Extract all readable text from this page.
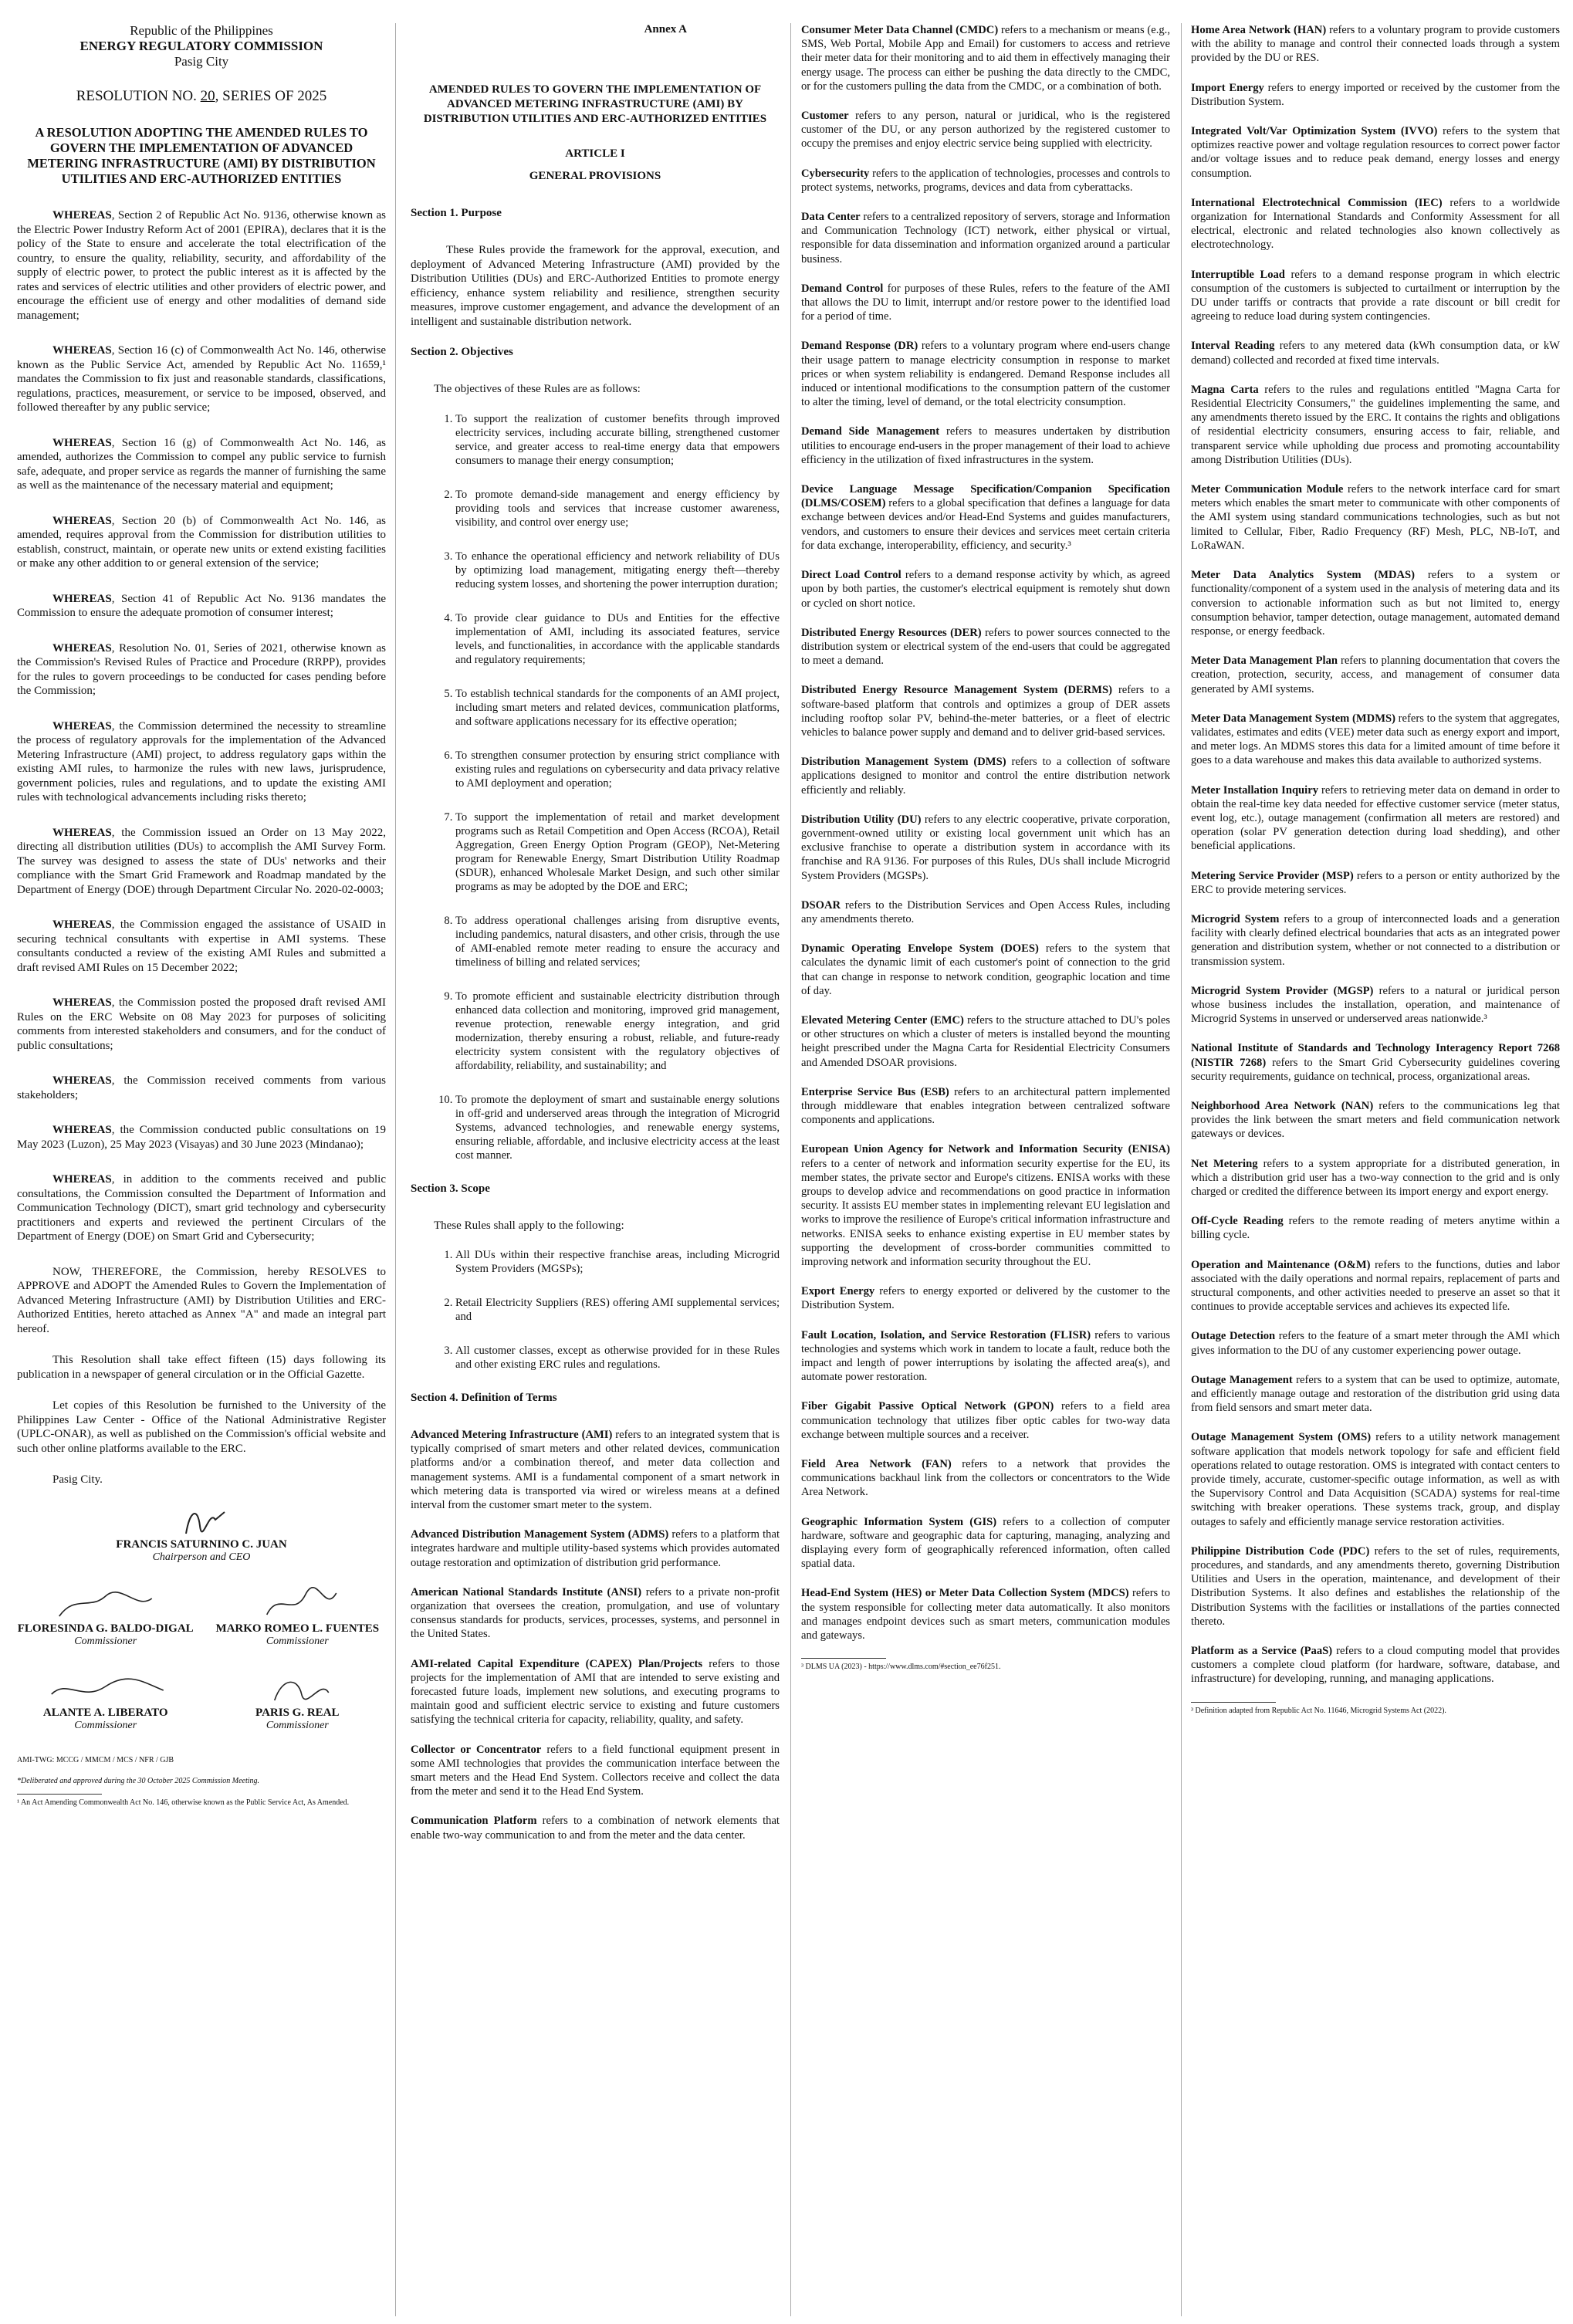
Republic of the Philippines

ENERGY REGULATORY COMMISSION

Pasig City

RESOLUTION NO. 20, SERIES OF 2025

A RESOLUTION ADOPTING THE AMENDED RULES TO GOVERN THE IMPLEMENTATION OF ADVANCED METERING INFRASTRUCTURE (AMI) BY DISTRIBUTION UTILITIES AND ERC-AUTHORIZED ENTITIES

WHEREAS, Section 2 of Republic Act No. 9136, otherwise known as the Electric Power Industry Reform Act of 2001 (EPIRA), declares that it is the policy of the State to ensure and accelerate the total electrification of the country, to ensure the quality, reliability, security, and affordability of the supply of electric power, to protect the public interest as it is affected by the rates and services of electric utilities and other providers of electric power, and encourage the efficient use of energy and other modalities of demand side management;

WHEREAS, Section 16 (c) of Commonwealth Act No. 146, otherwise known as the Public Service Act, amended by Republic Act No. 11659,¹ mandates the Commission to fix just and reasonable standards, classifications, regulations, practices, measurement, or service to be imposed, observed, and followed thereafter by any public service;

WHEREAS, Section 16 (g) of Commonwealth Act No. 146, as amended, authorizes the Commission to compel any public service to furnish safe, adequate, and proper service as regards the manner of furnishing the same as well as the maintenance of the necessary material and equipment;

WHEREAS, Section 20 (b) of Commonwealth Act No. 146, as amended, requires approval from the Commission for distribution utilities to establish, construct, maintain, or operate new units or extend existing facilities or make any other addition to or general extension of the service;

WHEREAS, Section 41 of Republic Act No. 9136 mandates the Commission to ensure the adequate promotion of consumer interest;

WHEREAS, Resolution No. 01, Series of 2021, otherwise known as the Commission's Revised Rules of Practice and Procedure (RRPP), provides for the rules to govern proceedings to be conducted for cases pending before the Commission;

WHEREAS, the Commission determined the necessity to streamline the process of regulatory approvals for the implementation of the Advanced Metering Infrastructure (AMI) project, to address regulatory gaps within the existing AMI rules, to harmonize the rules with new laws, jurisprudence, government policies, rules and regulations, and to update the existing AMI rules with technological advancements including risks thereto;

WHEREAS, the Commission issued an Order on 13 May 2022, directing all distribution utilities (DUs) to accomplish the AMI Survey Form. The survey was designed to assess the state of DUs' networks and their compliance with the Smart Grid Framework and Roadmap mandated by the Department of Energy (DOE) through Department Circular No. 2020-02-0003;

WHEREAS, the Commission engaged the assistance of USAID in securing technical consultants with expertise in AMI systems. These consultants conducted a review of the existing AMI Rules and submitted a draft revised AMI Rules on 15 December 2022;

WHEREAS, the Commission posted the proposed draft revised AMI Rules on the ERC Website on 08 May 2023 for purposes of soliciting comments from interested stakeholders and consumers, and for the conduct of public consultations;

WHEREAS, the Commission received comments from various stakeholders;

WHEREAS, the Commission conducted public consultations on 19 May 2023 (Luzon), 25 May 2023 (Visayas) and 30 June 2023 (Mindanao);

WHEREAS, in addition to the comments received and public consultations, the Commission consulted the Department of Information and Communication Technology (DICT), smart grid technology and cybersecurity practitioners and experts and reviewed the pertinent Circulars of the Department of Energy (DOE) on Smart Grid and Cybersecurity;

NOW, THEREFORE, the Commission, hereby RESOLVES to APPROVE and ADOPT the Amended Rules to Govern the Implementation of Advanced Metering Infrastructure (AMI) by Distribution Utilities and ERC-Authorized Entities, hereto attached as Annex "A" and made an integral part hereof.

This Resolution shall take effect fifteen (15) days following its publication in a newspaper of general circulation or in the Official Gazette.

Let copies of this Resolution be furnished to the University of the Philippines Law Center - Office of the National Administrative Register (UPLC-ONAR), as well as published on the Commission's official website and such other online platforms available to the ERC.

Pasig City.

FRANCIS SATURNINO C. JUAN

Chairperson and CEO

FLORESINDA G. BALDO-DIGAL

Commissioner

MARKO ROMEO L. FUENTES

Commissioner

ALANTE A. LIBERATO

Commissioner

PARIS G. REAL

Commissioner

AMI-TWG: MCCG / MMCM / MCS / NFR / GJB

*Deliberated and approved during the 30 October 2025 Commission Meeting.

¹ An Act Amending Commonwealth Act No. 146, otherwise known as the Public Service Act, As Amended.

Annex A

AMENDED RULES TO GOVERN THE IMPLEMENTATION OF ADVANCED METERING INFRASTRUCTURE (AMI) BY DISTRIBUTION UTILITIES AND ERC-AUTHORIZED ENTITIES

ARTICLE I

GENERAL PROVISIONS

Section 1. Purpose

These Rules provide the framework for the approval, execution, and deployment of Advanced Metering Infrastructure (AMI) provided by the Distribution Utilities (DUs) and ERC-Authorized Entities to promote energy efficiency, enhance system reliability and resilience, strengthen security measures, improve customer engagement, and advance the development of an intelligent and sustainable distribution network.

Section 2. Objectives

The objectives of these Rules are as follows:

1. To support the realization of customer benefits through improved electricity services, including accurate billing, strengthened customer service, and greater access to real-time energy data that empowers consumers to manage their energy consumption;
2. To promote demand-side management and energy efficiency by providing tools and services that increase customer awareness, visibility, and control over energy use;
3. To enhance the operational efficiency and network reliability of DUs by optimizing load management, mitigating energy theft—thereby reducing system losses, and shortening the power interruption duration;
4. To provide clear guidance to DUs and Entities for the effective implementation of AMI, including its associated features, service levels, and functionalities, in accordance with the applicable standards and regulatory requirements;
5. To establish technical standards for the components of an AMI project, including smart meters and related devices, communication platforms, and software applications necessary for its effective operation;
6. To strengthen consumer protection by ensuring strict compliance with existing rules and regulations on cybersecurity and data privacy relative to AMI deployment and operation;
7. To support the implementation of retail and market development programs such as Retail Competition and Open Access (RCOA), Retail Aggregation, Green Energy Option Program (GEOP), Net-Metering program for Renewable Energy, Smart Distribution Utility Roadmap (SDUR), enhanced Wholesale Market Design, and such other similar programs as may be adopted by the DOE and ERC;
8. To address operational challenges arising from disruptive events, including pandemics, natural disasters, and other crisis, through the use of AMI-enabled remote meter reading to ensure the accuracy and timeliness of billing and related services;
9. To promote efficient and sustainable electricity distribution through enhanced data collection and monitoring, improved grid management, revenue protection, renewable energy integration, and grid modernization, thereby ensuring a robust, reliable, and future-ready electricity system consistent with the regulatory objectives of affordability, reliability, and sustainability; and
10. To promote the deployment of smart and sustainable energy solutions in off-grid and underserved areas through the integration of Microgrid Systems, advanced technologies, and renewable energy systems, ensuring reliable, affordable, and inclusive electricity access at the least cost manner.

Section 3. Scope

These Rules shall apply to the following:

1. All DUs within their respective franchise areas, including Microgrid System Providers (MGSPs);
2. Retail Electricity Suppliers (RES) offering AMI supplemental services; and
3. All customer classes, except as otherwise provided for in these Rules and other existing ERC rules and regulations.

Section 4. Definition of Terms

Advanced Metering Infrastructure (AMI) refers to an integrated system that is typically comprised of smart meters and other related devices, communication platforms and/or a combination thereof, and meter data collection and management systems. AMI is a fundamental component of a smart network in which metering data is transported via wired or wireless means at a defined interval from the customer smart meter to the system.

Advanced Distribution Management System (ADMS) refers to a platform that integrates hardware and multiple utility-based systems which provides automated outage restoration and optimization of distribution grid performance.

American National Standards Institute (ANSI) refers to a private non-profit organization that oversees the creation, promulgation, and use of voluntary consensus standards for products, services, processes, systems, and personnel in the United States.

AMI-related Capital Expenditure (CAPEX) Plan/Projects refers to those projects for the implementation of AMI that are intended to serve existing and forecasted future loads, implement new solutions, and executing programs to maintain good and sufficient electric service to existing and future customers satisfying the technical criteria for capacity, reliability, quality, and safety.

Collector or Concentrator refers to a field functional equipment present in some AMI technologies that provides the communication interface between the smart meters and the Head End System. Collectors receive and collect the data from the meter and send it to the Head End System.

Communication Platform refers to a combination of network elements that enable two-way communication to and from the meter and the data center.

Consumer Meter Data Channel (CMDC) refers to a mechanism or means (e.g., SMS, Web Portal, Mobile App and Email) for customers to access and retrieve their meter data for their monitoring and to aid them in effectively managing their energy usage. The process can either be pushing the data directly to the CMDC, or for the customers pulling the data from the CMDC, or a combination of both.

Customer refers to any person, natural or juridical, who is the registered customer of the DU, or any person authorized by the registered customer to occupy the premises and enjoy electric service being supplied with electricity.

Cybersecurity refers to the application of technologies, processes and controls to protect systems, networks, programs, devices and data from cyberattacks.

Data Center refers to a centralized repository of servers, storage and Information and Communication Technology (ICT) network, either physical or virtual, responsible for data dissemination and information organized around a particular business.

Demand Control for purposes of these Rules, refers to the feature of the AMI that allows the DU to limit, interrupt and/or restore power to the identified load for a period of time.

Demand Response (DR) refers to a voluntary program where end-users change their usage pattern to manage electricity consumption in response to market prices or when system reliability is endangered. Demand Response includes all induced or intentional modifications to the consumption pattern of the customer to alter the timing, level of demand, or the total electricity consumption.

Demand Side Management refers to measures undertaken by distribution utilities to encourage end-users in the proper management of their load to achieve efficiency in the utilization of fixed infrastructures in the system.

Device Language Message Specification/Companion Specification (DLMS/COSEM) refers to a global specification that defines a language for data exchange between devices and/or Head-End Systems and guides manufacturers, vendors, and customers to ensure their devices and services meet certain criteria for data exchange, interoperability, efficiency, and security.³

Direct Load Control refers to a demand response activity by which, as agreed upon by both parties, the customer's electrical equipment is remotely shut down or cycled on short notice.

Distributed Energy Resources (DER) refers to power sources connected to the distribution system or electrical system of the end-users that could be aggregated to meet a demand.

Distributed Energy Resource Management System (DERMS) refers to a software-based platform that controls and optimizes a group of DER assets including rooftop solar PV, behind-the-meter batteries, or a fleet of electric vehicles to balance power supply and demand and to deliver grid-based services.

Distribution Management System (DMS) refers to a collection of software applications designed to monitor and control the entire distribution network efficiently and reliably.

Distribution Utility (DU) refers to any electric cooperative, private corporation, government-owned utility or existing local government unit which has an exclusive franchise to operate a distribution system in accordance with its franchise and RA 9136. For purposes of this Rules, DUs shall include Microgrid System Providers (MGSPs).

DSOAR refers to the Distribution Services and Open Access Rules, including any amendments thereto.

Dynamic Operating Envelope System (DOES) refers to the system that calculates the dynamic limit of each customer's point of connection to the grid that can change in response to network condition, geographic location and time of day.

Elevated Metering Center (EMC) refers to the structure attached to DU's poles or other structures on which a cluster of meters is installed beyond the mounting height prescribed under the Magna Carta for Residential Electricity Consumers and Amended DSOAR provisions.

Enterprise Service Bus (ESB) refers to an architectural pattern implemented through middleware that enables integration between centralized software components and applications.

European Union Agency for Network and Information Security (ENISA) refers to a center of network and information security expertise for the EU, its member states, the private sector and Europe's citizens. ENISA works with these groups to develop advice and recommendations on good practice in information security. It assists EU member states in implementing relevant EU legislation and works to improve the resilience of Europe's critical information infrastructure and networks. ENISA seeks to enhance existing expertise in EU member states by supporting the development of cross-border communities committed to improving network and information security throughout the EU.

Export Energy refers to energy exported or delivered by the customer to the Distribution System.

Fault Location, Isolation, and Service Restoration (FLISR) refers to various technologies and systems which work in tandem to locate a fault, reduce both the impact and length of power interruptions by isolating the affected area(s), and automate power restoration.

Fiber Gigabit Passive Optical Network (GPON) refers to a field area communication technology that utilizes fiber optic cables for two-way data exchange between multiple sources and a receiver.

Field Area Network (FAN) refers to a network that provides the communications backhaul link from the collectors or concentrators to the Wide Area Network.

Geographic Information System (GIS) refers to a collection of computer hardware, software and geographic data for capturing, managing, analyzing and displaying every form of geographically referenced information, often called spatial data.

Head-End System (HES) or Meter Data Collection System (MDCS) refers to the system responsible for collecting meter data automatically. It also monitors and manages endpoint devices such as smart meters, communication modules and gateways.

³ DLMS UA (2023) - https://www.dlms.com/#section_ee76f251.

Home Area Network (HAN) refers to a voluntary program to provide customers with the ability to manage and control their connected loads through a system provided by the DU or RES.

Import Energy refers to energy imported or received by the customer from the Distribution System.

Integrated Volt/Var Optimization System (IVVO) refers to the system that optimizes reactive power and voltage regulation resources to correct power factor and/or voltage issues and to reduce peak demand, energy losses and energy consumption.

International Electrotechnical Commission (IEC) refers to a worldwide organization for International Standards and Conformity Assessment for all electrical, electronic and related technologies also known collectively as electrotechnology.

Interruptible Load refers to a demand response program in which electric consumption of the customers is subjected to curtailment or interruption by the DU under tariffs or contracts that provide a rate discount or bill credit for agreeing to reduce load during system contingencies.

Interval Reading refers to any metered data (kWh consumption data, or kW demand) collected and recorded at fixed time intervals.

Magna Carta refers to the rules and regulations entitled "Magna Carta for Residential Electricity Consumers," the guidelines implementing the same, and any amendments thereto issued by the ERC. It contains the rights and obligations of residential electricity consumers, ensuring access to fair, reliable, and transparent service while upholding due process and promoting accountability among Distribution Utilities (DUs).

Meter Communication Module refers to the network interface card for smart meters which enables the smart meter to communicate with other components of the AMI system using standard communications technologies, such as but not limited to Cellular, Fiber, Radio Frequency (RF) Mesh, PLC, NB-IoT, and LoRaWAN.

Meter Data Analytics System (MDAS) refers to a system or functionality/component of a system used in the analysis of metering data and its conversion to actionable information such as but not limited to, energy consumption behavior, tamper detection, outage management, automated demand response, or energy feedback.

Meter Data Management Plan refers to planning documentation that covers the creation, protection, security, access, and management of consumer data generated by AMI systems.

Meter Data Management System (MDMS) refers to the system that aggregates, validates, estimates and edits (VEE) meter data such as energy export and import, and meter logs. An MDMS stores this data for a limited amount of time before it goes to a data warehouse and makes this data available to authorized systems.

Meter Installation Inquiry refers to retrieving meter data on demand in order to obtain the real-time key data needed for effective customer service (meter status, event log, etc.), outage management (confirmation all meters are restored) and operation (solar PV generation detection during load shedding), and other beneficial applications.

Metering Service Provider (MSP) refers to a person or entity authorized by the ERC to provide metering services.

Microgrid System refers to a group of interconnected loads and a generation facility with clearly defined electrical boundaries that acts as an integrated power generation and distribution system, whether or not connected to a distribution or transmission system.

Microgrid System Provider (MGSP) refers to a natural or juridical person whose business includes the installation, operation, and maintenance of Microgrid Systems in unserved or underserved areas nationwide.³

National Institute of Standards and Technology Interagency Report 7268 (NISTIR 7268) refers to the Smart Grid Cybersecurity guidelines covering security requirements, guidance on technical, process, organizational areas.

Neighborhood Area Network (NAN) refers to the communications leg that provides the link between the smart meters and field communication network gateways or devices.

Net Metering refers to a system appropriate for a distributed generation, in which a distribution grid user has a two-way connection to the grid and is only charged or credited the difference between its import energy and export energy.

Off-Cycle Reading refers to the remote reading of meters anytime within a billing cycle.

Operation and Maintenance (O&M) refers to the functions, duties and labor associated with the daily operations and normal repairs, replacement of parts and structural components, and other activities needed to preserve an asset so that it continues to provide acceptable services and achieves its expected life.

Outage Detection refers to the feature of a smart meter through the AMI which gives information to the DU of any customer experiencing power outage.

Outage Management refers to a system that can be used to optimize, automate, and efficiently manage outage and restoration of the distribution grid using data from field sensors and smart meter data.

Outage Management System (OMS) refers to a utility network management software application that models network topology for safe and efficient field operations related to outage restoration. OMS is integrated with contact centers to provide timely, accurate, customer-specific outage information, as well as with the Supervisory Control and Data Acquisition (SCADA) systems for real-time switching with breaker operations. These systems track, group, and display outages to safely and efficiently manage service restoration activities.

Philippine Distribution Code (PDC) refers to the set of rules, requirements, procedures, and standards, and any amendments thereto, governing Distribution Utilities and Users in the operation, maintenance, and development of their Distribution Systems. It also defines and establishes the relationship of the Distribution Systems with the facilities or installations of the parties connected thereto.

Platform as a Service (PaaS) refers to a cloud computing model that provides customers a complete cloud platform (for hardware, software, database, and infrastructure) for developing, running, and managing applications.

³ Definition adapted from Republic Act No. 11646, Microgrid Systems Act (2022).
